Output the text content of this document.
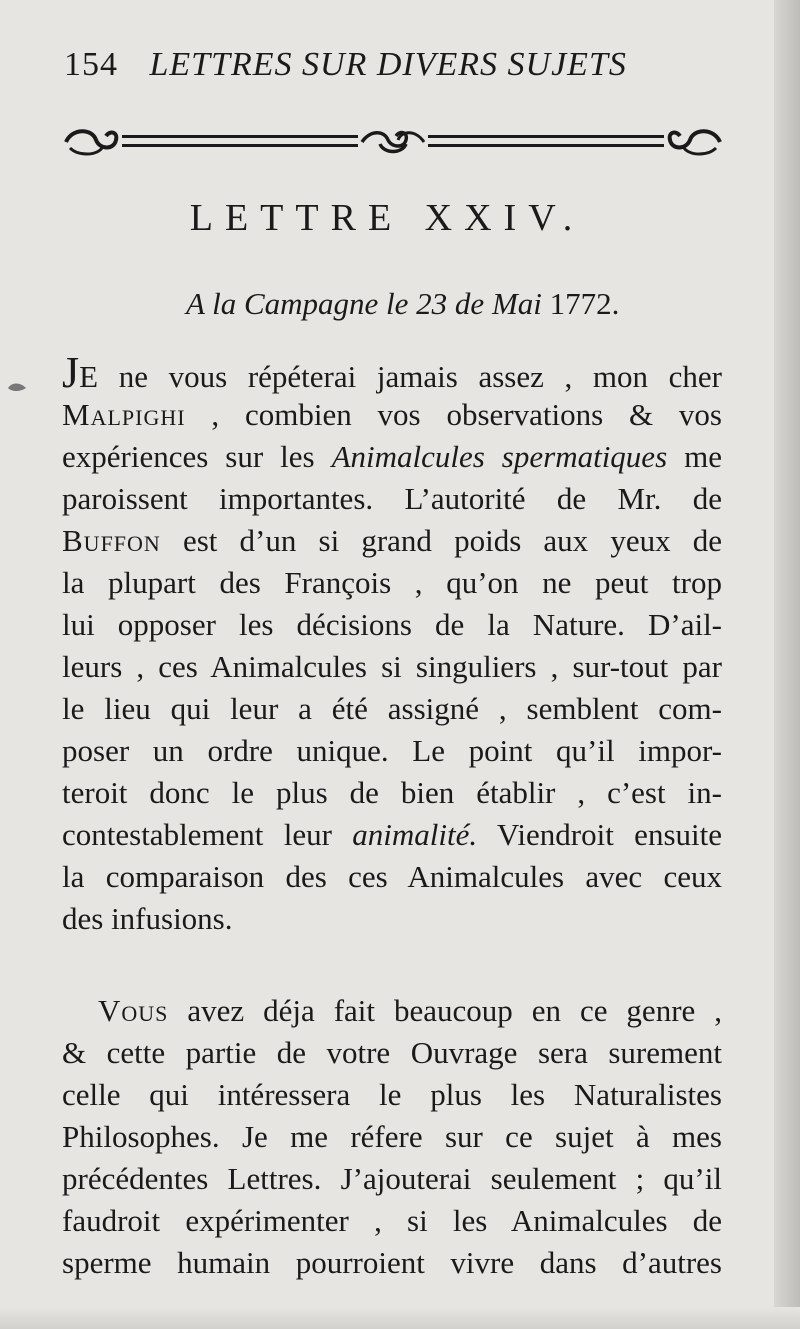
154 LETTRES SUR DIVERS SUJETS
LETTRE XXIV.
A la Campagne le 23 de Mai 1772.
JE ne vous répéterai jamais assez , mon cher
Malpighi , combien vos observations & vos
expériences sur les Animalcules spermatiques me
paroissent importantes. L’autorité de Mr. de
Buffon est d’un si grand poids aux yeux de
la plupart des François , qu’on ne peut trop
lui opposer les décisions de la Nature. D’ail-
leurs , ces Animalcules si singuliers , sur-tout par
le lieu qui leur a été assigné , semblent com-
poser un ordre unique. Le point qu’il impor-
teroit donc le plus de bien établir , c’est in-
contestablement leur animalité. Viendroit ensuite
la comparaison des ces Animalcules avec ceux
des infusions.
Vous avez déja fait beaucoup en ce genre ,
& cette partie de votre Ouvrage sera surement
celle qui intéressera le plus les Naturalistes
Philosophes. Je me réfere sur ce sujet à mes
précédentes Lettres. J’ajouterai seulement ; qu’il
faudroit expérimenter , si les Animalcules de
sperme humain pourroient vivre dans d’autres
